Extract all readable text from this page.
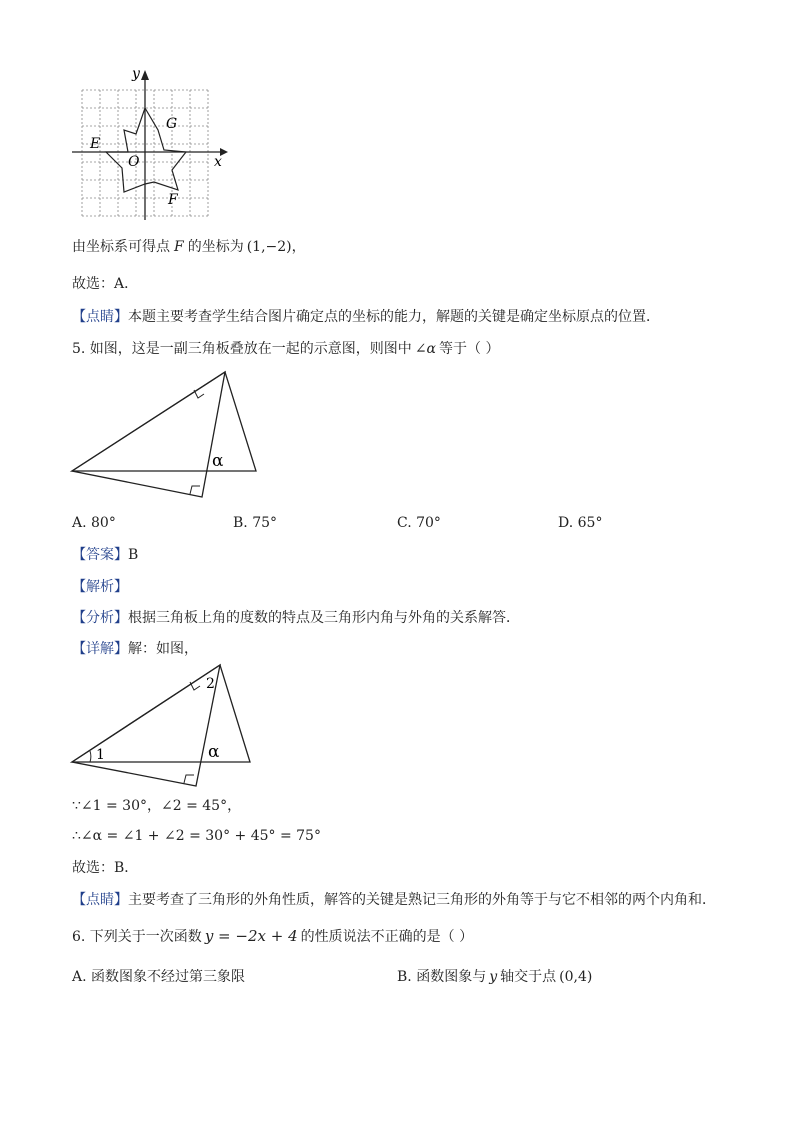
y
x
O
E
G
F
由坐标系可得点 F 的坐标为 (1,−2)，
故选：A．
【点睛】本题主要考查学生结合图片确定点的坐标的能力，解题的关键是确定坐标原点的位置．
5. 如图，这是一副三角板叠放在一起的示意图，则图中 ∠α 等于（ ）
α
A. 80°	B. 75°	C. 70°	D. 65°
【答案】B
【解析】
【分析】根据三角板上角的度数的特点及三角形内角与外角的关系解答．
【详解】解：如图，
1
2
α
∵∠1 = 30°，∠2 = 45°，
∴∠α = ∠1 + ∠2 = 30° + 45° = 75°
故选：B．
【点睛】主要考查了三角形的外角性质，解答的关键是熟记三角形的外角等于与它不相邻的两个内角和．
6. 下列关于一次函数 y = −2x + 4 的性质说法不正确的是（ ）
A. 函数图象不经过第三象限	B. 函数图象与 y 轴交于点 (0,4)
